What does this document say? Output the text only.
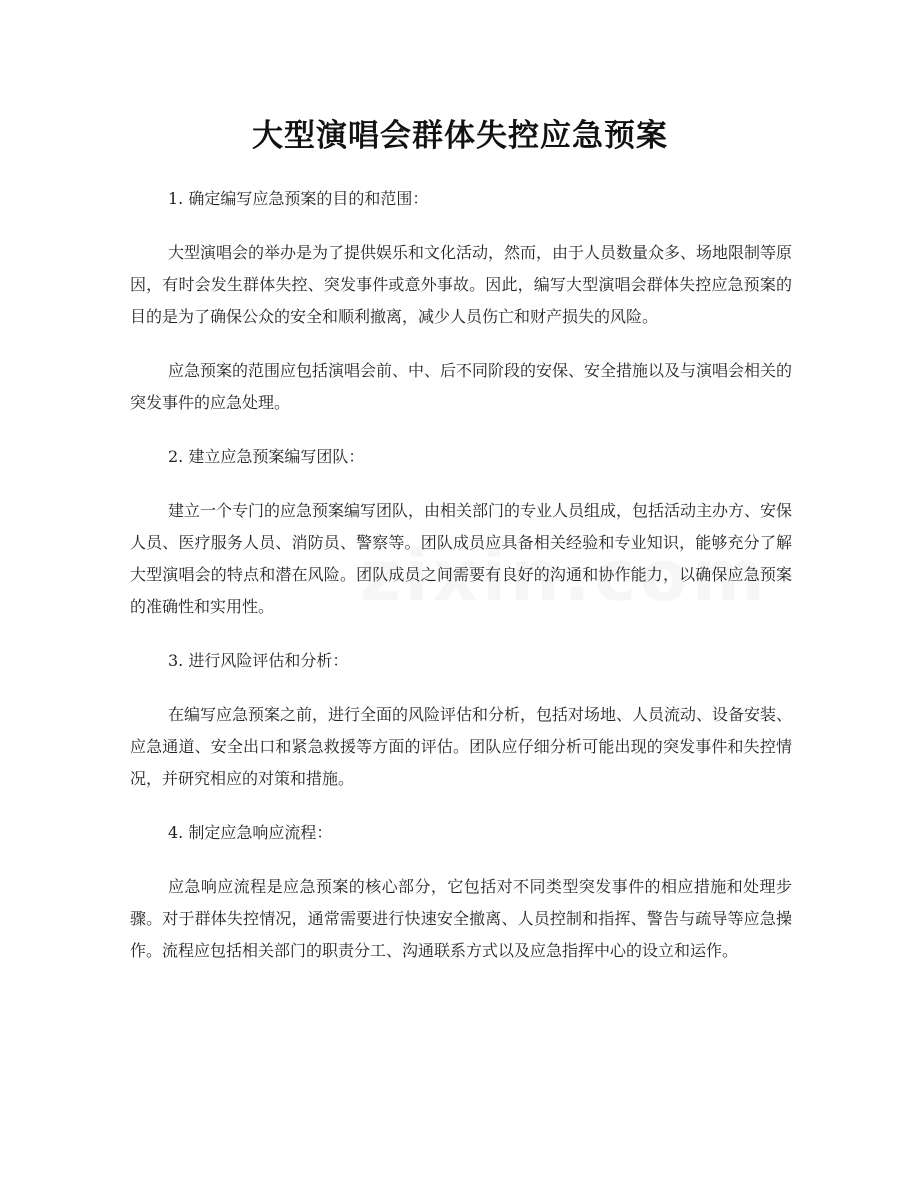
大型演唱会群体失控应急预案

1. 确定编写应急预案的目的和范围：

大型演唱会的举办是为了提供娱乐和文化活动，然而，由于人员数量众多、场地限制等原因，有时会发生群体失控、突发事件或意外事故。因此，编写大型演唱会群体失控应急预案的目的是为了确保公众的安全和顺利撤离，减少人员伤亡和财产损失的风险。

应急预案的范围应包括演唱会前、中、后不同阶段的安保、安全措施以及与演唱会相关的突发事件的应急处理。

2. 建立应急预案编写团队：

建立一个专门的应急预案编写团队，由相关部门的专业人员组成，包括活动主办方、安保人员、医疗服务人员、消防员、警察等。团队成员应具备相关经验和专业知识，能够充分了解大型演唱会的特点和潜在风险。团队成员之间需要有良好的沟通和协作能力，以确保应急预案的准确性和实用性。

3. 进行风险评估和分析：

在编写应急预案之前，进行全面的风险评估和分析，包括对场地、人员流动、设备安装、应急通道、安全出口和紧急救援等方面的评估。团队应仔细分析可能出现的突发事件和失控情况，并研究相应的对策和措施。

4. 制定应急响应流程：

应急响应流程是应急预案的核心部分，它包括对不同类型突发事件的相应措施和处理步骤。对于群体失控情况，通常需要进行快速安全撤离、人员控制和指挥、警告与疏导等应急操作。流程应包括相关部门的职责分工、沟通联系方式以及应急指挥中心的设立和运作。
